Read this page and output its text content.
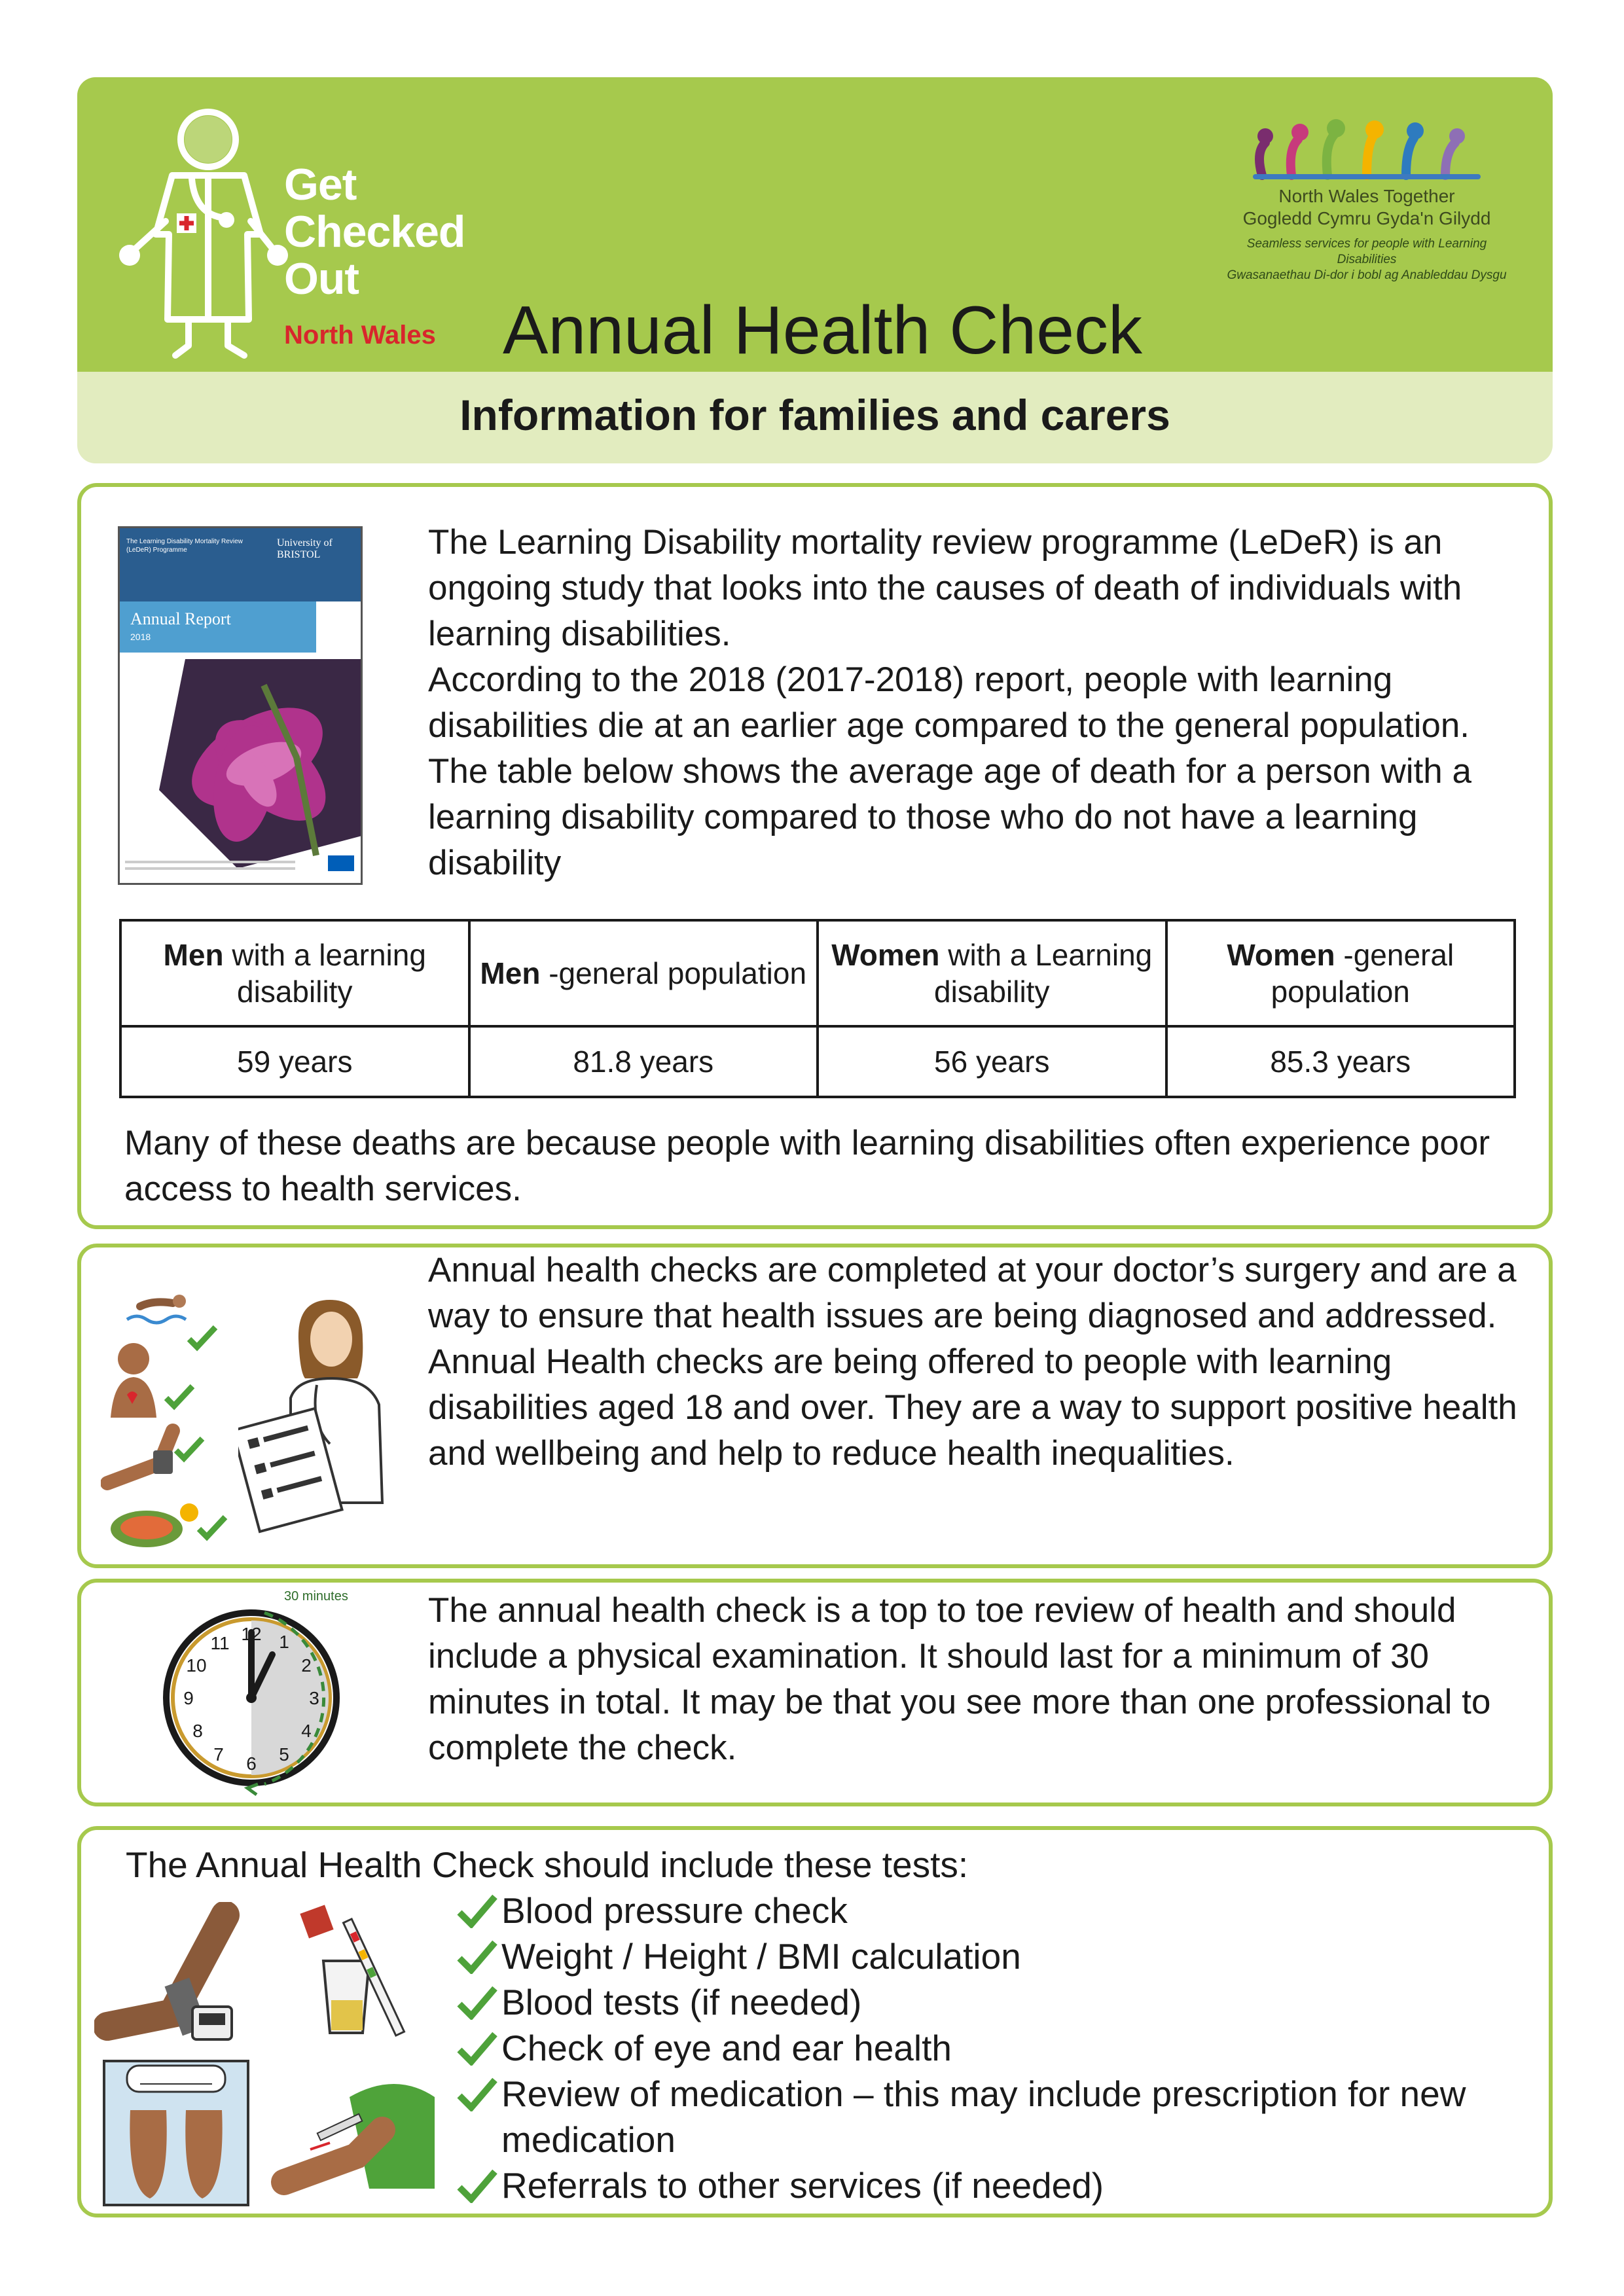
Get
Checked
Out
North Wales Annual Health Check
North Wales Together
Gogledd Cymru Gyda'n Gilydd
Seamless services for people with Learning Disabilities
Gwasanaethau Di-dor i bobl ag Anableddau Dysgu
Information for families and carers
The Learning Disability Mortality Review (LeDeR) Programme
University of BRISTOL
Annual Report
2018
The Learning Disability mortality review programme (LeDeR) is an ongoing study that looks into the causes of death of individuals with learning disabilities.
According to the 2018 (2017-2018) report, people with learning disabilities die at an earlier age compared to the general population. The table below shows the average age of death for a person with a learning disability compared to those who do not have a learning disability
Men with a learning disability	Men -general population	Women with a Learning disability	Women -general population
59 years	81.8 years	56 years	85.3 years
Many of these deaths are because people with learning disabilities often experience poor access to health services.
Annual health checks are completed at your doctor’s surgery and are a way to ensure that health issues are being diagnosed and addressed.
Annual Health checks are being offered to people with learning disabilities aged 18 and over. They are a way to support positive health and wellbeing and help to reduce health inequalities.
30 minutes
12 1
2
3
4
5
6
7
8
9
10
11
The annual health check is a top to toe review of health and should include a physical examination. It should last for a minimum of 30 minutes in total. It may be that you see more than one professional to complete the check.
The Annual Health Check should include these tests:
Blood pressure check
Weight / Height / BMI calculation
Blood tests (if needed)
Check of eye and ear health
Review of medication – this may include prescription for new medication
Referrals to other services (if needed)
